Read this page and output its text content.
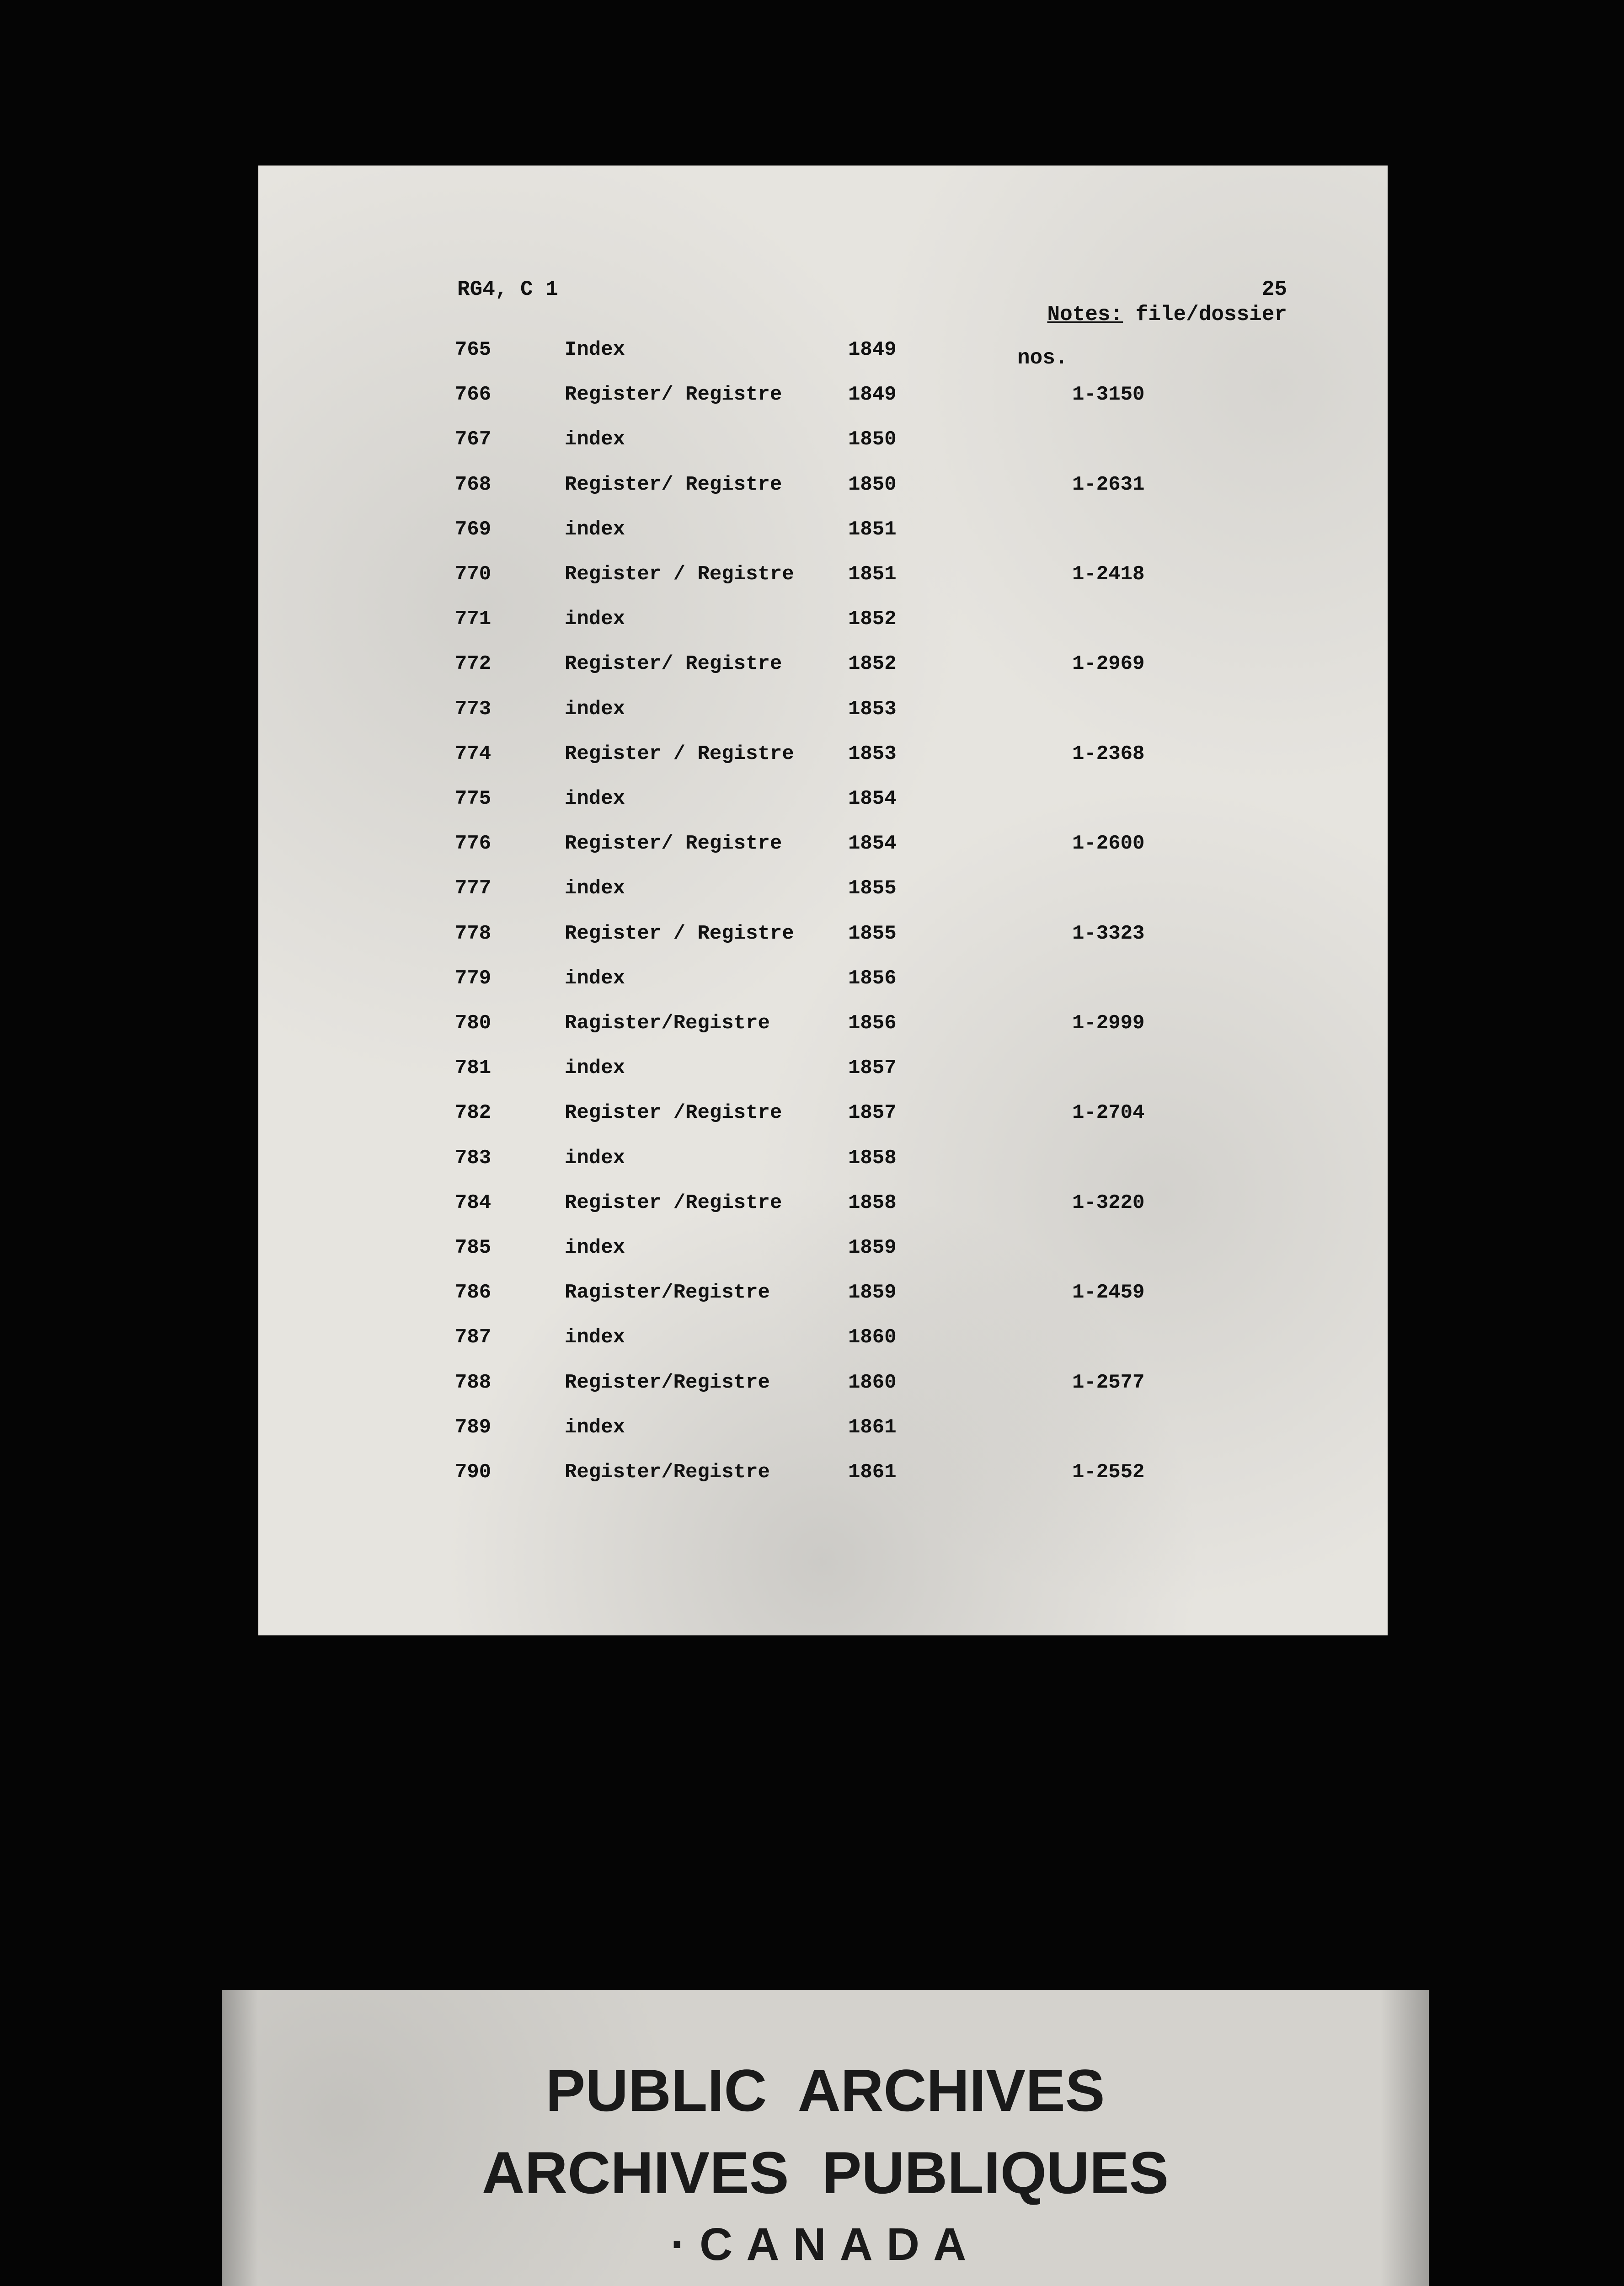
RG4, C 1	25
Notes: file/dossier
nos.
765	Index	1849
766	Register/ Registre	1849	1-3150
767	index	1850
768	Register/ Registre	1850	1-2631
769	index	1851
770	Register / Registre	1851	1-2418
771	index	1852
772	Register/ Registre	1852	1-2969
773	index	1853
774	Register / Registre	1853	1-2368
775	index	1854
776	Register/ Registre	1854	1-2600
777	index	1855
778	Register / Registre	1855	1-3323
779	index	1856
780	Ragister/Registre	1856	1-2999
781	index	1857
782	Register /Registre	1857	1-2704
783	index	1858
784	Register /Registre	1858	1-3220
785	index	1859
786	Ragister/Registre	1859	1-2459
787	index	1860
788	Register/Registre	1860	1-2577
789	index	1861
790	Register/Registre	1861	1-2552
PUBLIC  ARCHIVES
ARCHIVES  PUBLIQUES
·CANADA
